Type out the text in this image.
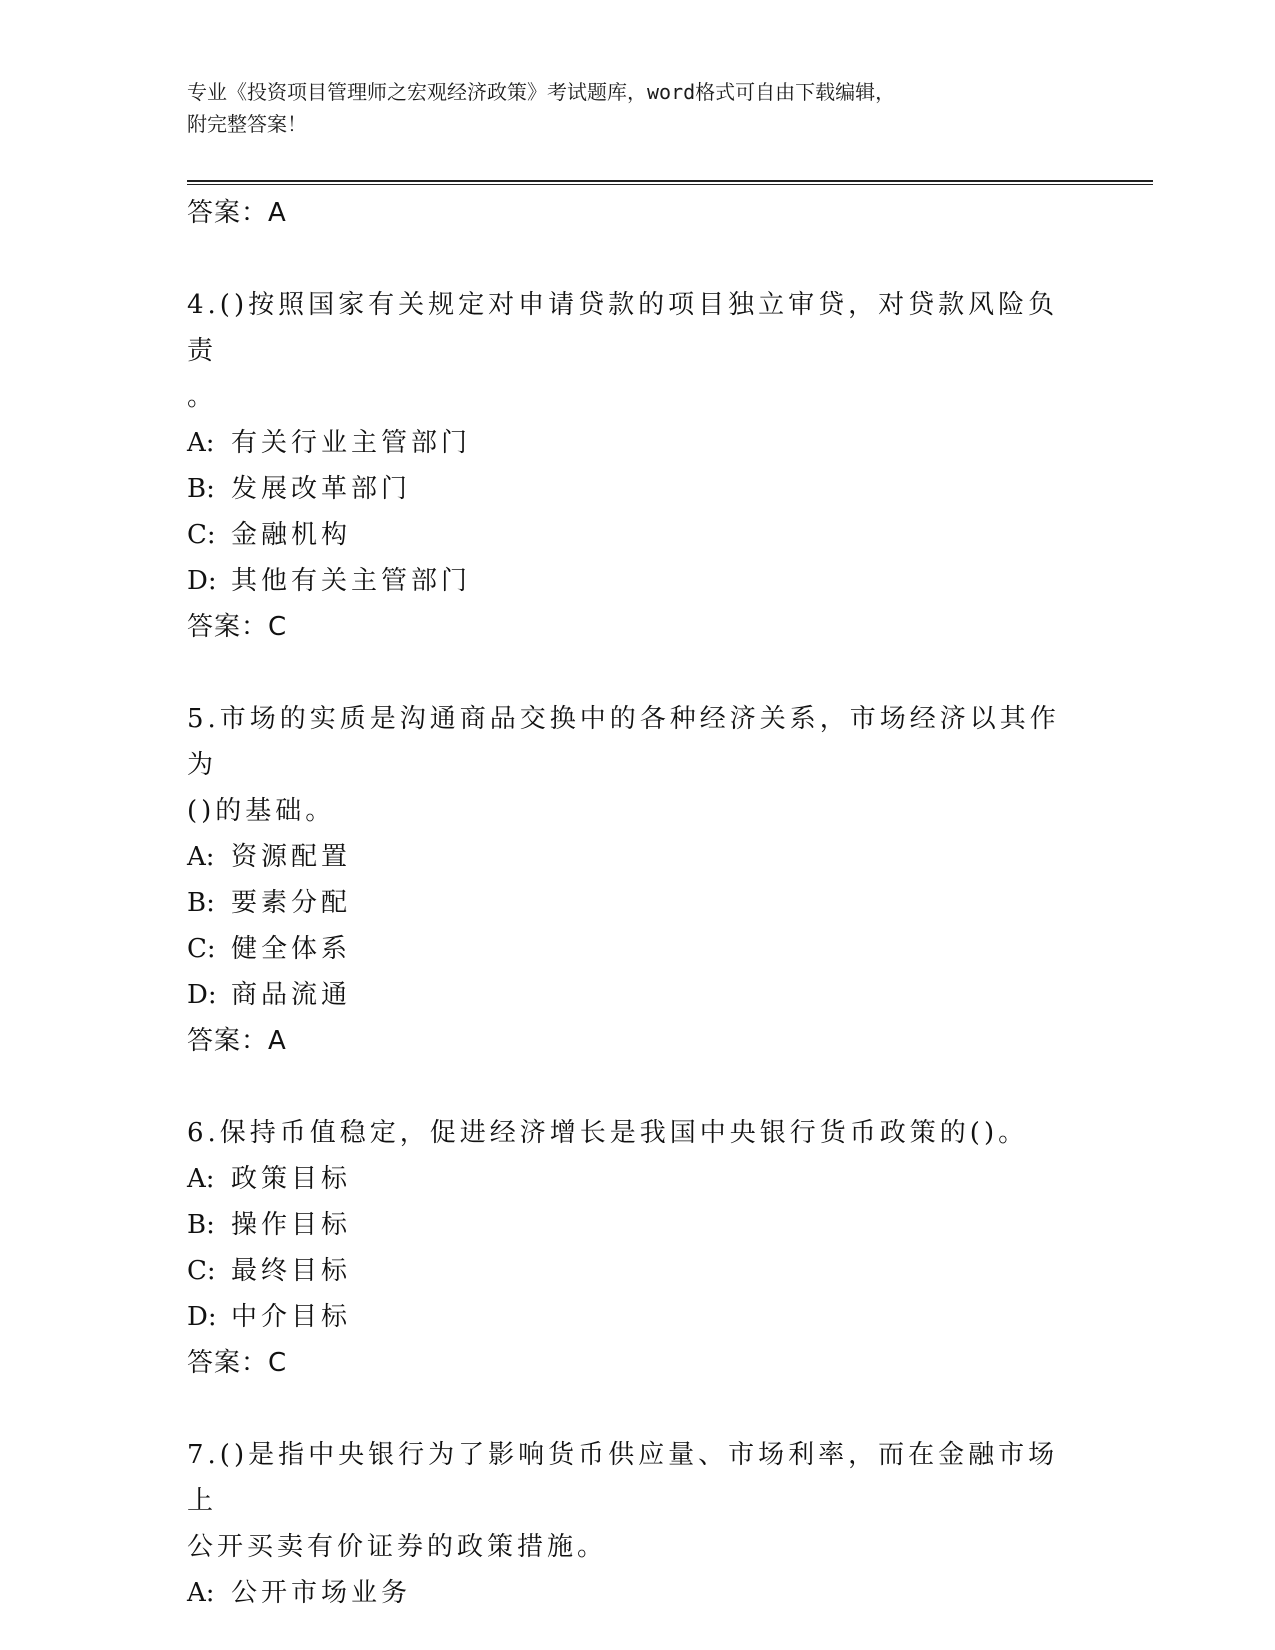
专业《投资项目管理师之宏观经济政策》考试题库，word格式可自由下载编辑，
附完整答案！
答案：A
4.()按照国家有关规定对申请贷款的项目独立审贷，对贷款风险负责
。
A: 有关行业主管部门
B: 发展改革部门
C: 金融机构
D: 其他有关主管部门
答案：C
5.市场的实质是沟通商品交换中的各种经济关系，市场经济以其作为
()的基础。
A: 资源配置
B: 要素分配
C: 健全体系
D: 商品流通
答案：A
6.保持币值稳定，促进经济增长是我国中央银行货币政策的()。
A: 政策目标
B: 操作目标
C: 最终目标
D: 中介目标
答案：C
7.()是指中央银行为了影响货币供应量、市场利率，而在金融市场上
公开买卖有价证券的政策措施。
A: 公开市场业务
